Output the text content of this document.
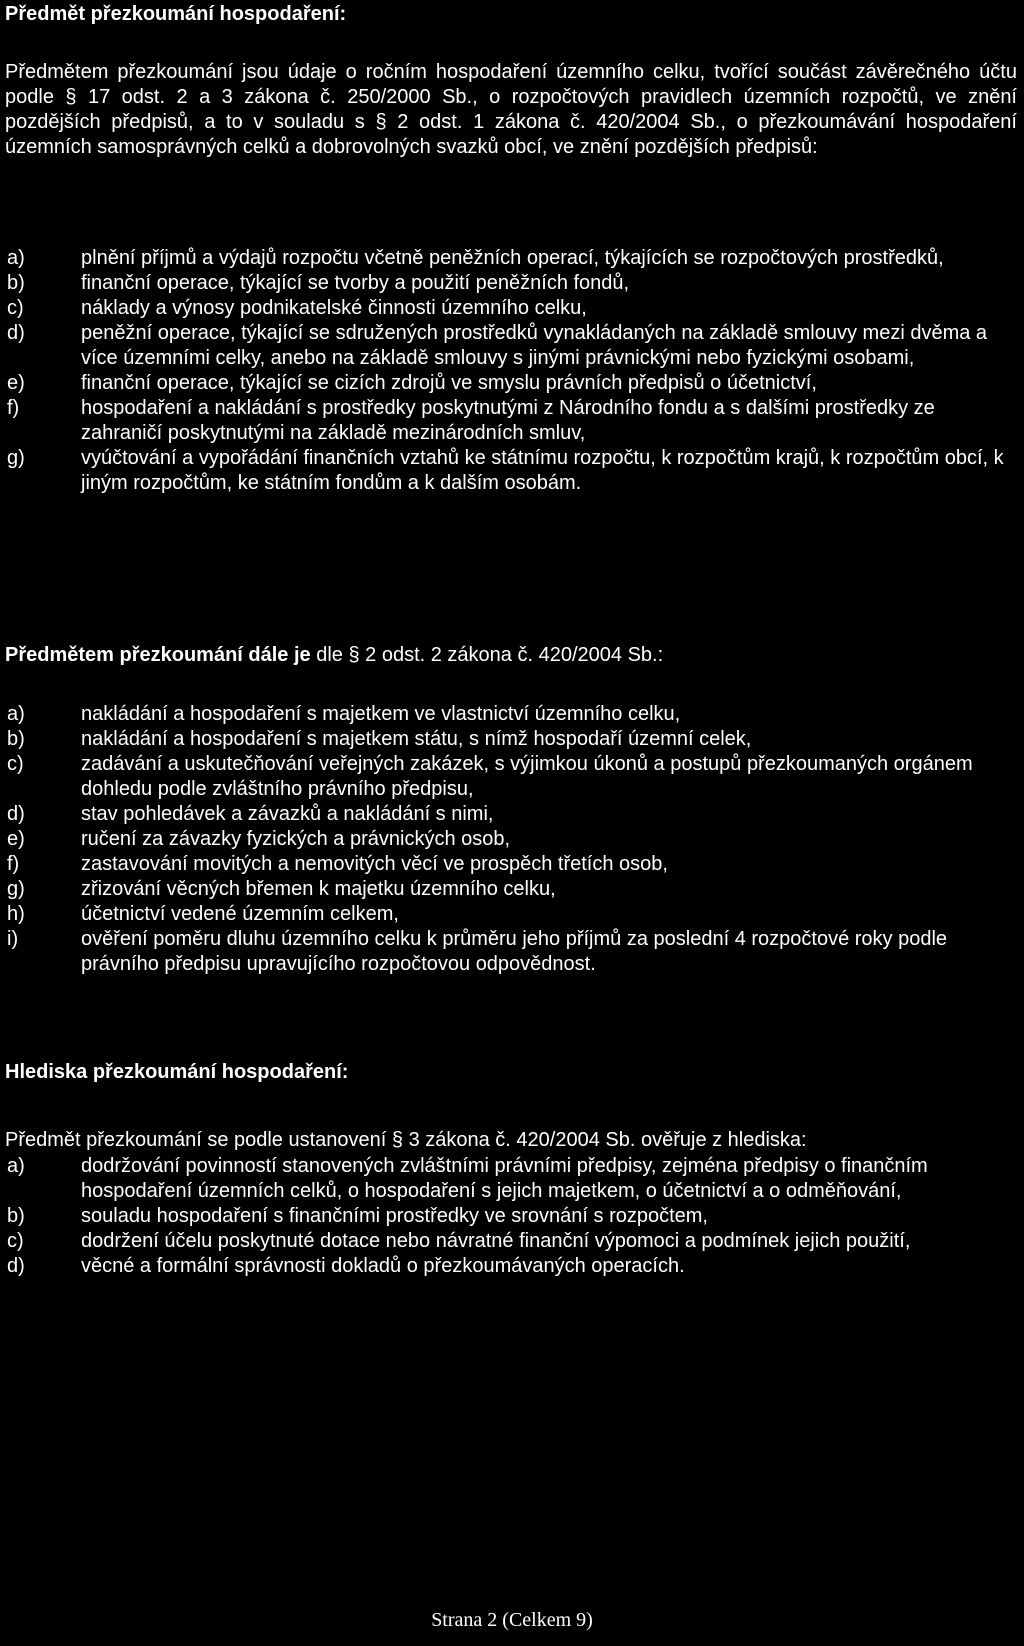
Předmět přezkoumání hospodaření:

Předmětem přezkoumání jsou údaje o ročním hospodaření územního celku, tvořící součást závěrečného účtu podle § 17 odst. 2 a 3 zákona č. 250/2000 Sb., o rozpočtových pravidlech územních rozpočtů, ve znění pozdějších předpisů, a to v souladu s § 2 odst. 1 zákona č. 420/2004 Sb., o přezkoumávání hospodaření územních samosprávných celků a dobrovolných svazků obcí, ve znění pozdějších předpisů:

a)	plnění příjmů a výdajů rozpočtu včetně peněžních operací, týkajících se rozpočtových prostředků,
b)	finanční operace, týkající se tvorby a použití peněžních fondů,
c)	náklady a výnosy podnikatelské činnosti územního celku,
d)	peněžní operace, týkající se sdružených prostředků vynakládaných na základě smlouvy mezi dvěma a více územními celky, anebo na základě smlouvy s jinými právnickými nebo fyzickými osobami,
e)	finanční operace, týkající se cizích zdrojů ve smyslu právních předpisů o účetnictví,
f)	hospodaření a nakládání s prostředky poskytnutými z Národního fondu a s dalšími prostředky ze zahraničí poskytnutými na základě mezinárodních smluv,
g)	vyúčtování a vypořádání finančních vztahů ke státnímu rozpočtu, k rozpočtům krajů, k rozpočtům obcí, k jiným rozpočtům, ke státním fondům a k dalším osobám.

Předmětem přezkoumání dále je dle § 2 odst. 2 zákona č. 420/2004 Sb.:

a)	nakládání a hospodaření s majetkem ve vlastnictví územního celku,
b)	nakládání a hospodaření s majetkem státu, s nímž hospodaří územní celek,
c)	zadávání a uskutečňování veřejných zakázek, s výjimkou úkonů a postupů přezkoumaných orgánem dohledu podle zvláštního právního předpisu,
d)	stav pohledávek a závazků a nakládání s nimi,
e)	ručení za závazky fyzických a právnických osob,
f)	zastavování movitých a nemovitých věcí ve prospěch třetích osob,
g)	zřizování věcných břemen k majetku územního celku,
h)	účetnictví vedené územním celkem,
i)	ověření poměru dluhu územního celku k průměru jeho příjmů za poslední 4 rozpočtové roky podle právního předpisu upravujícího rozpočtovou odpovědnost.

Hlediska přezkoumání hospodaření:

Předmět přezkoumání se podle ustanovení § 3 zákona č. 420/2004 Sb. ověřuje z hlediska:

a)	dodržování povinností stanovených zvláštními právními předpisy, zejména předpisy o finančním hospodaření územních celků, o hospodaření s jejich majetkem, o účetnictví a o odměňování,
b)	souladu hospodaření s finančními prostředky ve srovnání s rozpočtem,
c)	dodržení účelu poskytnuté dotace nebo návratné finanční výpomoci a podmínek jejich použití,
d)	věcné a formální správnosti dokladů o přezkoumávaných operacích.
Strana 2 (Celkem 9)
